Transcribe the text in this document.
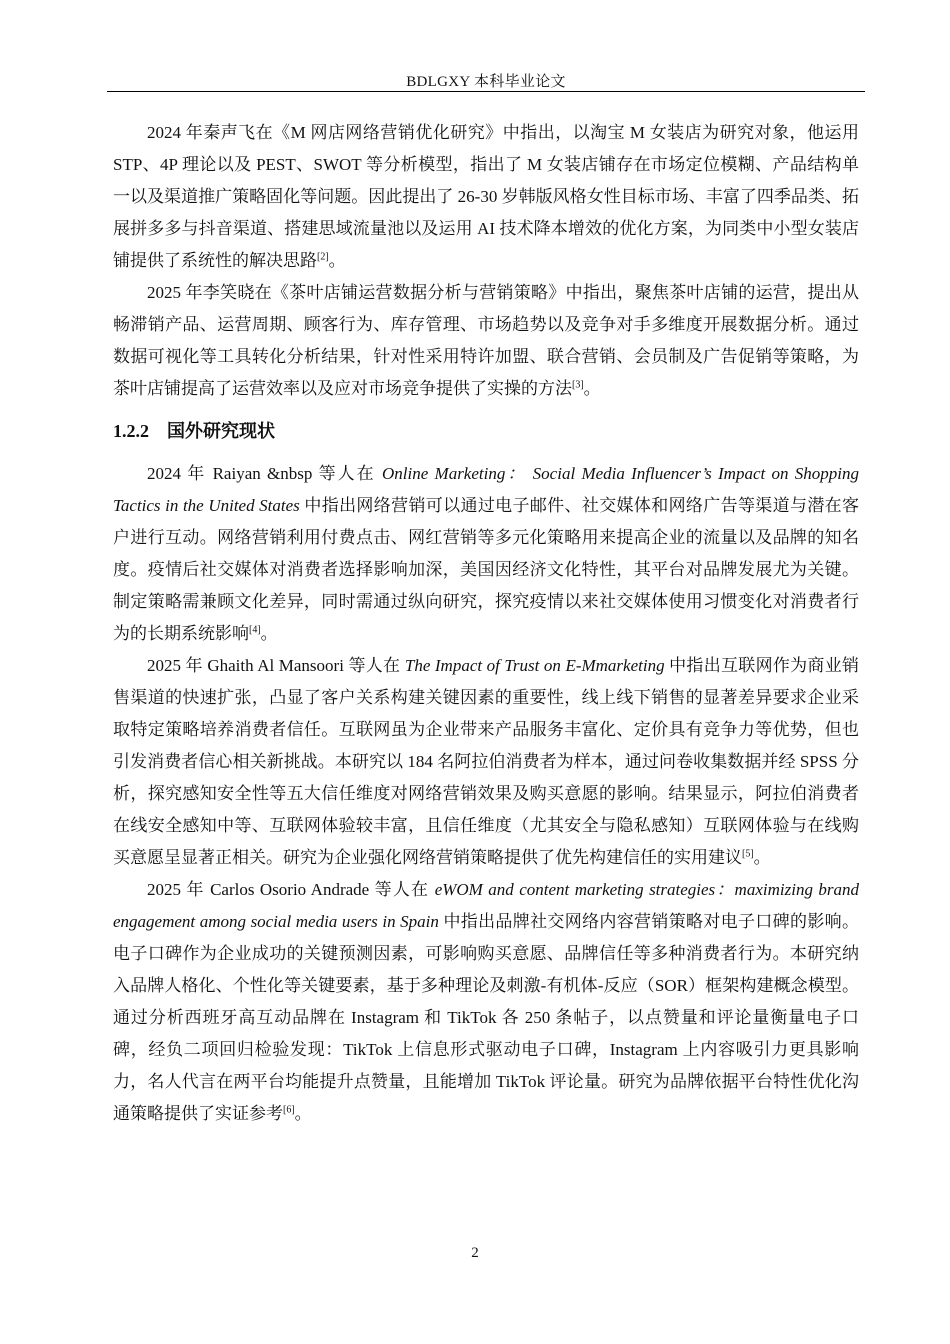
BDLGXY 本科毕业论文

2024 年秦声飞在《M 网店网络营销优化研究》中指出，以淘宝 M 女装店为研究对象，他运用 STP、4P 理论以及 PEST、SWOT 等分析模型，指出了 M 女装店铺存在市场定位模糊、产品结构单一以及渠道推广策略固化等问题。因此提出了 26-30 岁韩版风格女性目标市场、丰富了四季品类、拓展拼多多与抖音渠道、搭建思域流量池以及运用 AI 技术降本增效的优化方案，为同类中小型女装店铺提供了系统性的解决思路[2]。

2025 年李笑晓在《茶叶店铺运营数据分析与营销策略》中指出，聚焦茶叶店铺的运营，提出从畅滞销产品、运营周期、顾客行为、库存管理、市场趋势以及竞争对手多维度开展数据分析。通过数据可视化等工具转化分析结果，针对性采用特许加盟、联合营销、会员制及广告促销等策略，为茶叶店铺提高了运营效率以及应对市场竞争提供了实操的方法[3]。

1.2.2 国外研究现状

2024 年 Raiyan &nbsp 等人在 Online Marketing： Social Media Influencer’s Impact on Shopping Tactics in the United States 中指出网络营销可以通过电子邮件、社交媒体和网络广告等渠道与潜在客户进行互动。网络营销利用付费点击、网红营销等多元化策略用来提高企业的流量以及品牌的知名度。疫情后社交媒体对消费者选择影响加深，美国因经济文化特性，其平台对品牌发展尤为关键。制定策略需兼顾文化差异，同时需通过纵向研究，探究疫情以来社交媒体使用习惯变化对消费者行为的长期系统影响[4]。

2025 年 Ghaith Al Mansoori 等人在 The Impact of Trust on E-Mmarketing 中指出互联网作为商业销售渠道的快速扩张，凸显了客户关系构建关键因素的重要性，线上线下销售的显著差异要求企业采取特定策略培养消费者信任。互联网虽为企业带来产品服务丰富化、定价具有竞争力等优势，但也引发消费者信心相关新挑战。本研究以 184 名阿拉伯消费者为样本，通过问卷收集数据并经 SPSS 分析，探究感知安全性等五大信任维度对网络营销效果及购买意愿的影响。结果显示，阿拉伯消费者在线安全感知中等、互联网体验较丰富，且信任维度（尤其安全与隐私感知）互联网体验与在线购买意愿呈显著正相关。研究为企业强化网络营销策略提供了优先构建信任的实用建议[5]。

2025 年 Carlos Osorio Andrade 等人在 eWOM and content marketing strategies：maximizing brand engagement among social media users in Spain 中指出品牌社交网络内容营销策略对电子口碑的影响。电子口碑作为企业成功的关键预测因素，可影响购买意愿、品牌信任等多种消费者行为。本研究纳入品牌人格化、个性化等关键要素，基于多种理论及刺激-有机体-反应（SOR）框架构建概念模型。通过分析西班牙高互动品牌在 Instagram 和 TikTok 各 250 条帖子，以点赞量和评论量衡量电子口碑，经负二项回归检验发现：TikTok 上信息形式驱动电子口碑，Instagram 上内容吸引力更具影响力，名人代言在两平台均能提升点赞量，且能增加 TikTok 评论量。研究为品牌依据平台特性优化沟通策略提供了实证参考[6]。

2
